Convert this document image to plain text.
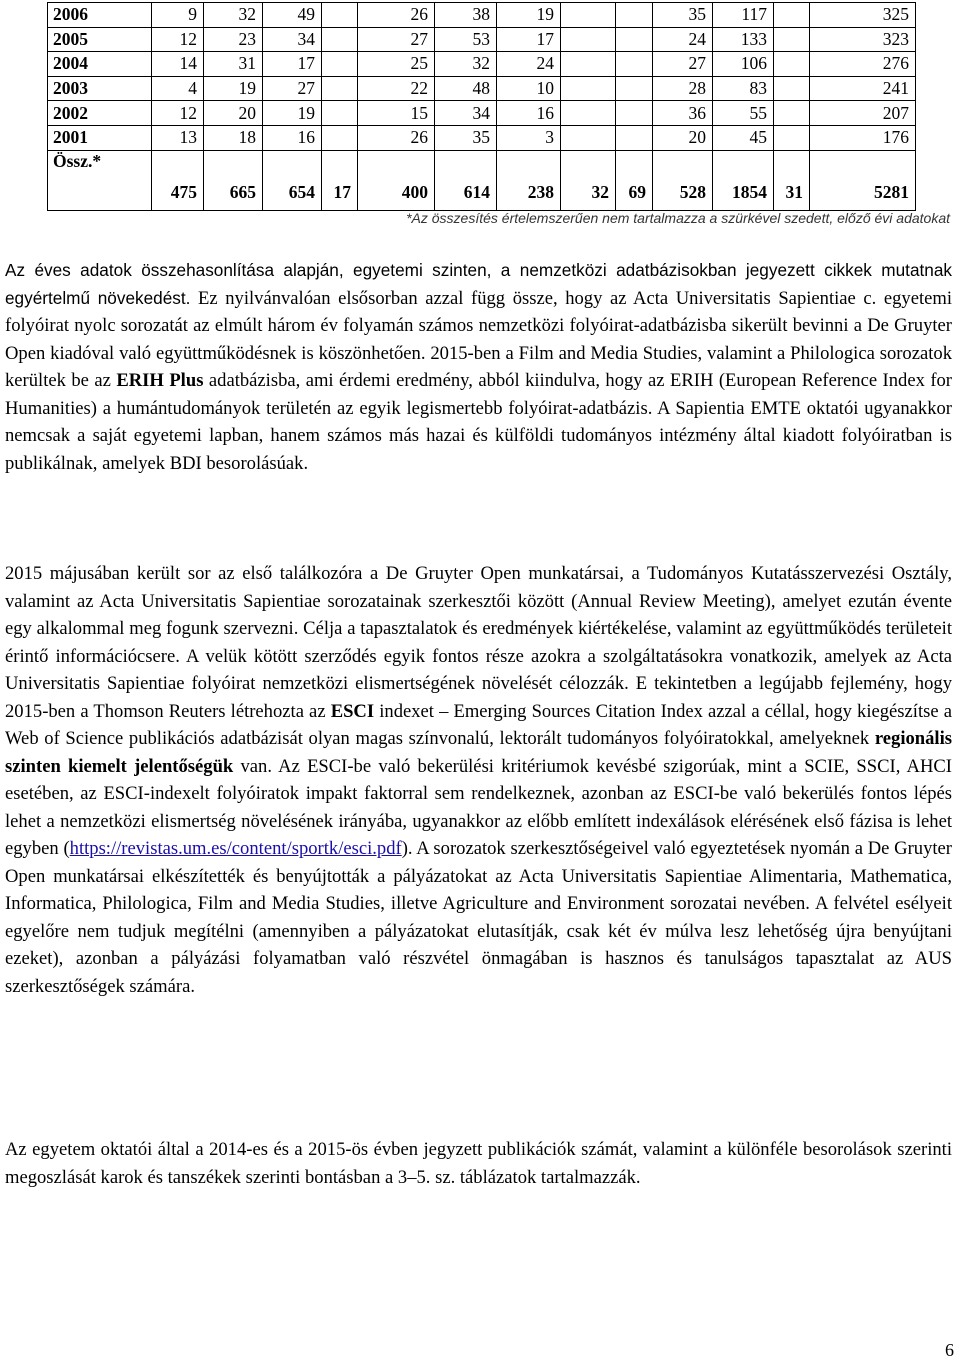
2006	9	32	49		26	38	19			35	117		325
2005	12	23	34		27	53	17			24	133		323
2004	14	31	17		25	32	24			27	106		276
2003	4	19	27		22	48	10			28	83		241
2002	12	20	19		15	34	16			36	55		207
2001	13	18	16		26	35	3			20	45		176
Össz.*	475	665	654	17	400	614	238	32	69	528	1854	31	5281
*Az összesítés értelemszerűen nem tartalmazza a szürkével szedett, előző évi adatokat

Az éves adatok összehasonlítása alapján, egyetemi szinten, a nemzetközi adatbázisokban jegyezett cikkek mutatnak egyértelmű növekedést. Ez nyilvánvalóan elsősorban azzal függ össze, hogy az Acta Universitatis Sapientiae c. egyetemi folyóirat nyolc sorozatát az elmúlt három év folyamán számos nemzetközi folyóirat-adatbázisba sikerült bevinni a De Gruyter Open kiadóval való együttműködésnek is köszönhetően. 2015-ben a Film and Media Studies, valamint a Philologica sorozatok kerültek be az ERIH Plus adatbázisba, ami érdemi eredmény, abból kiindulva, hogy az ERIH (European Reference Index for Humanities) a humántudományok területén az egyik legismertebb folyóirat-adatbázis. A Sapientia EMTE oktatói ugyanakkor nemcsak a saját egyetemi lapban, hanem számos más hazai és külföldi tudományos intézmény által kiadott folyóiratban is publikálnak, amelyek BDI besorolásúak.

2015 májusában került sor az első találkozóra a De Gruyter Open munkatársai, a Tudományos Kutatásszervezési Osztály, valamint az Acta Universitatis Sapientiae sorozatainak szerkesztői között (Annual Review Meeting), amelyet ezután évente egy alkalommal meg fogunk szervezni. Célja a tapasztalatok és eredmények kiértékelése, valamint az együttműködés területeit érintő információcsere. A velük kötött szerződés egyik fontos része azokra a szolgáltatásokra vonatkozik, amelyek az Acta Universitatis Sapientiae folyóirat nemzetközi elismertségének növelését célozzák. E tekintetben a legújabb fejlemény, hogy 2015-ben a Thomson Reuters létrehozta az ESCI indexet – Emerging Sources Citation Index azzal a céllal, hogy kiegészítse a Web of Science publikációs adatbázisát olyan magas színvonalú, lektorált tudományos folyóiratokkal, amelyeknek regionális szinten kiemelt jelentőségük van. Az ESCI-be való bekerülési kritériumok kevésbé szigorúak, mint a SCIE, SSCI, AHCI esetében, az ESCI-indexelt folyóiratok impakt faktorral sem rendelkeznek, azonban az ESCI-be való bekerülés fontos lépés lehet a nemzetközi elismertség növelésének irányába, ugyanakkor az előbb említett indexálások elérésének első fázisa is lehet egyben (https://revistas.um.es/content/sportk/esci.pdf). A sorozatok szerkesztőségeivel való egyeztetések nyomán a De Gruyter Open munkatársai elkészítették és benyújtották a pályázatokat az Acta Universitatis Sapientiae Alimentaria, Mathematica, Informatica, Philologica, Film and Media Studies, illetve Agriculture and Environment sorozatai nevében. A felvétel esélyeit egyelőre nem tudjuk megítélni (amennyiben a pályázatokat elutasítják, csak két év múlva lesz lehetőség újra benyújtani ezeket), azonban a pályázási folyamatban való részvétel önmagában is hasznos és tanulságos tapasztalat az AUS szerkesztőségek számára.

Az egyetem oktatói által a 2014-es és a 2015-ös évben jegyzett publikációk számát, valamint a különféle besorolások szerinti megoszlását karok és tanszékek szerinti bontásban a 3–5. sz. táblázatok tartalmazzák.

6
